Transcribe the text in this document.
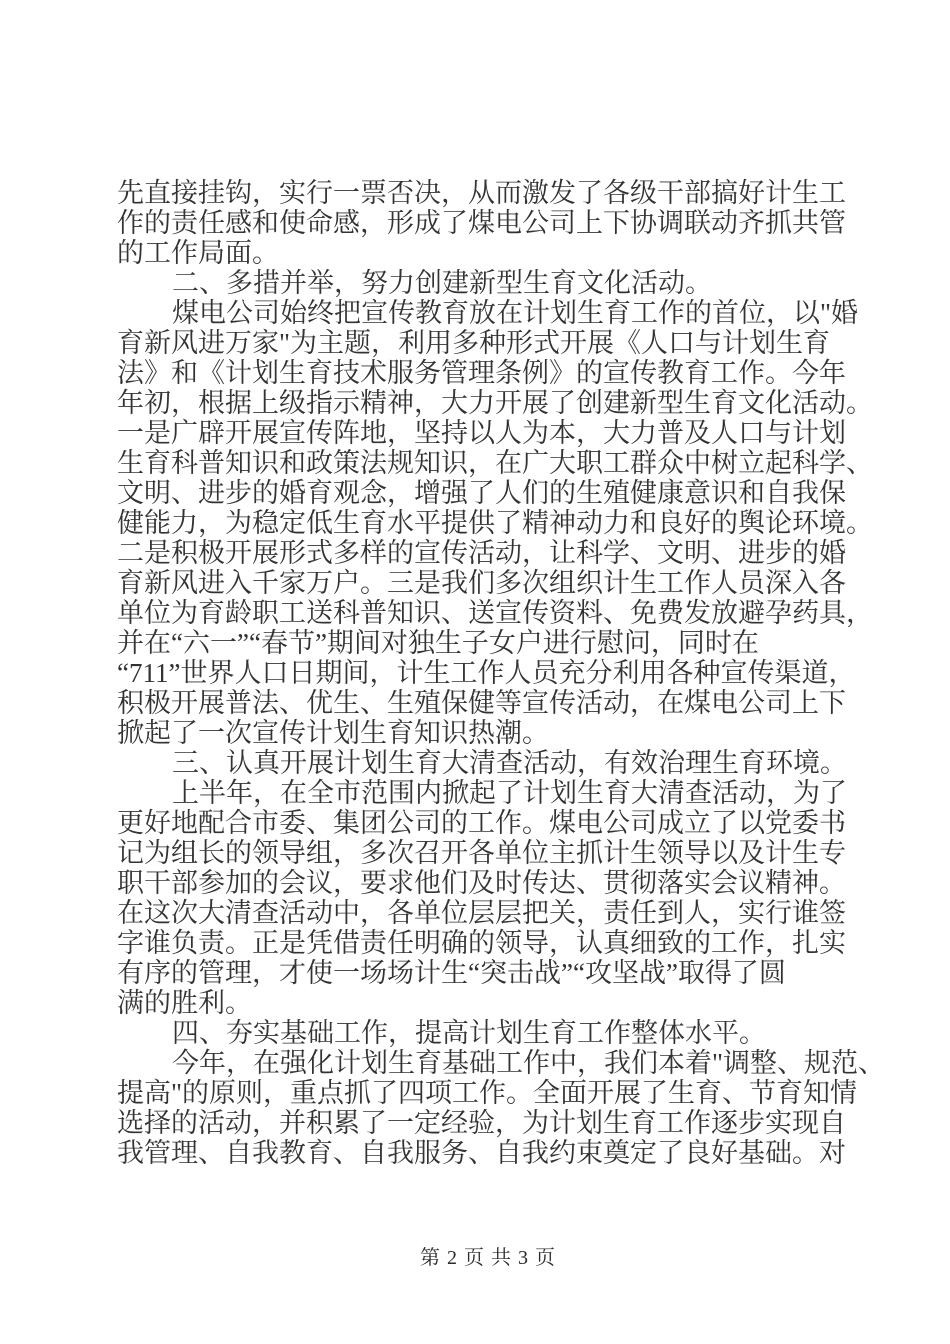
先直接挂钩，实行一票否决，从而激发了各级干部搞好计生工
作的责任感和使命感，形成了煤电公司上下协调联动齐抓共管
的工作局面。
二、多措并举，努力创建新型生育文化活动。
煤电公司始终把宣传教育放在计划生育工作的首位，以"婚
育新风进万家"为主题，利用多种形式开展《人口与计划生育
法》和《计划生育技术服务管理条例》的宣传教育工作。今年
年初，根据上级指示精神，大力开展了创建新型生育文化活动。
一是广辟开展宣传阵地，坚持以人为本，大力普及人口与计划
生育科普知识和政策法规知识，在广大职工群众中树立起科学、
文明、进步的婚育观念，增强了人们的生殖健康意识和自我保
健能力，为稳定低生育水平提供了精神动力和良好的舆论环境。
二是积极开展形式多样的宣传活动，让科学、文明、进步的婚
育新风进入千家万户。三是我们多次组织计生工作人员深入各
单位为育龄职工送科普知识、送宣传资料、免费发放避孕药具，
并在“六一”“春节”期间对独生子女户进行慰问，同时在
“711”世界人口日期间，计生工作人员充分利用各种宣传渠道，
积极开展普法、优生、生殖保健等宣传活动，在煤电公司上下
掀起了一次宣传计划生育知识热潮。
三、认真开展计划生育大清查活动，有效治理生育环境。
上半年，在全市范围内掀起了计划生育大清查活动，为了
更好地配合市委、集团公司的工作。煤电公司成立了以党委书
记为组长的领导组，多次召开各单位主抓计生领导以及计生专
职干部参加的会议，要求他们及时传达、贯彻落实会议精神。
在这次大清查活动中，各单位层层把关，责任到人，实行谁签
字谁负责。正是凭借责任明确的领导，认真细致的工作，扎实
有序的管理，才使一场场计生“突击战”“攻坚战”取得了圆
满的胜利。
四、夯实基础工作，提高计划生育工作整体水平。
今年，在强化计划生育基础工作中，我们本着"调整、规范、
提高"的原则，重点抓了四项工作。全面开展了生育、节育知情
选择的活动，并积累了一定经验，为计划生育工作逐步实现自
我管理、自我教育、自我服务、自我约束奠定了良好基础。对
第 2 页 共 3 页
